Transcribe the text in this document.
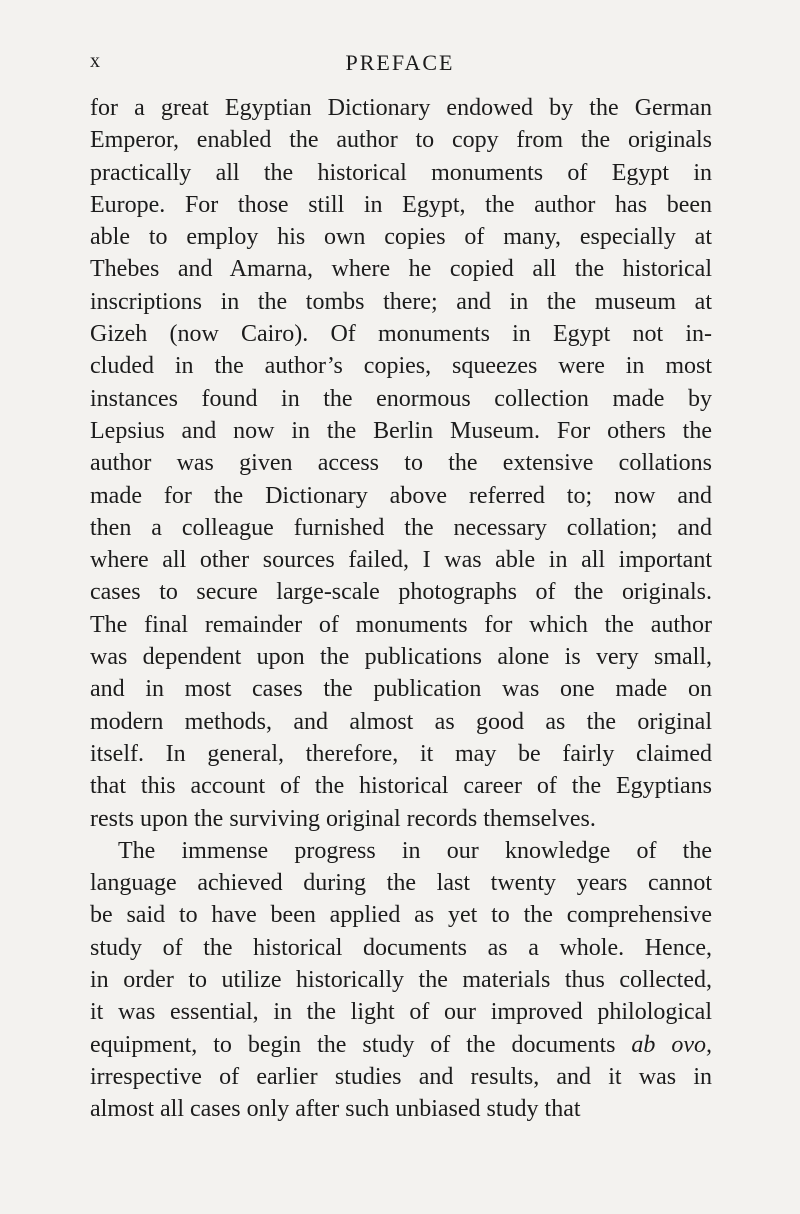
x	PREFACE
for a great Egyptian Dictionary endowed by the German
Emperor, enabled the author to copy from the originals
practically all the historical monuments of Egypt in
Europe. For those still in Egypt, the author has been
able to employ his own copies of many, especially at
Thebes and Amarna, where he copied all the historical
inscriptions in the tombs there; and in the museum at
Gizeh (now Cairo). Of monuments in Egypt not in-
cluded in the author’s copies, squeezes were in most
instances found in the enormous collection made by
Lepsius and now in the Berlin Museum. For others the
author was given access to the extensive collations
made for the Dictionary above referred to; now and
then a colleague furnished the necessary collation; and
where all other sources failed, I was able in all important
cases to secure large-scale photographs of the originals.
The final remainder of monuments for which the author
was dependent upon the publications alone is very small,
and in most cases the publication was one made on
modern methods, and almost as good as the original
itself. In general, therefore, it may be fairly claimed
that this account of the historical career of the Egyptians
rests upon the surviving original records themselves.
The immense progress in our knowledge of the
language achieved during the last twenty years cannot
be said to have been applied as yet to the comprehensive
study of the historical documents as a whole. Hence,
in order to utilize historically the materials thus collected,
it was essential, in the light of our improved philological
equipment, to begin the study of the documents ab ovo,
irrespective of earlier studies and results, and it was in
almost all cases only after such unbiased study that
